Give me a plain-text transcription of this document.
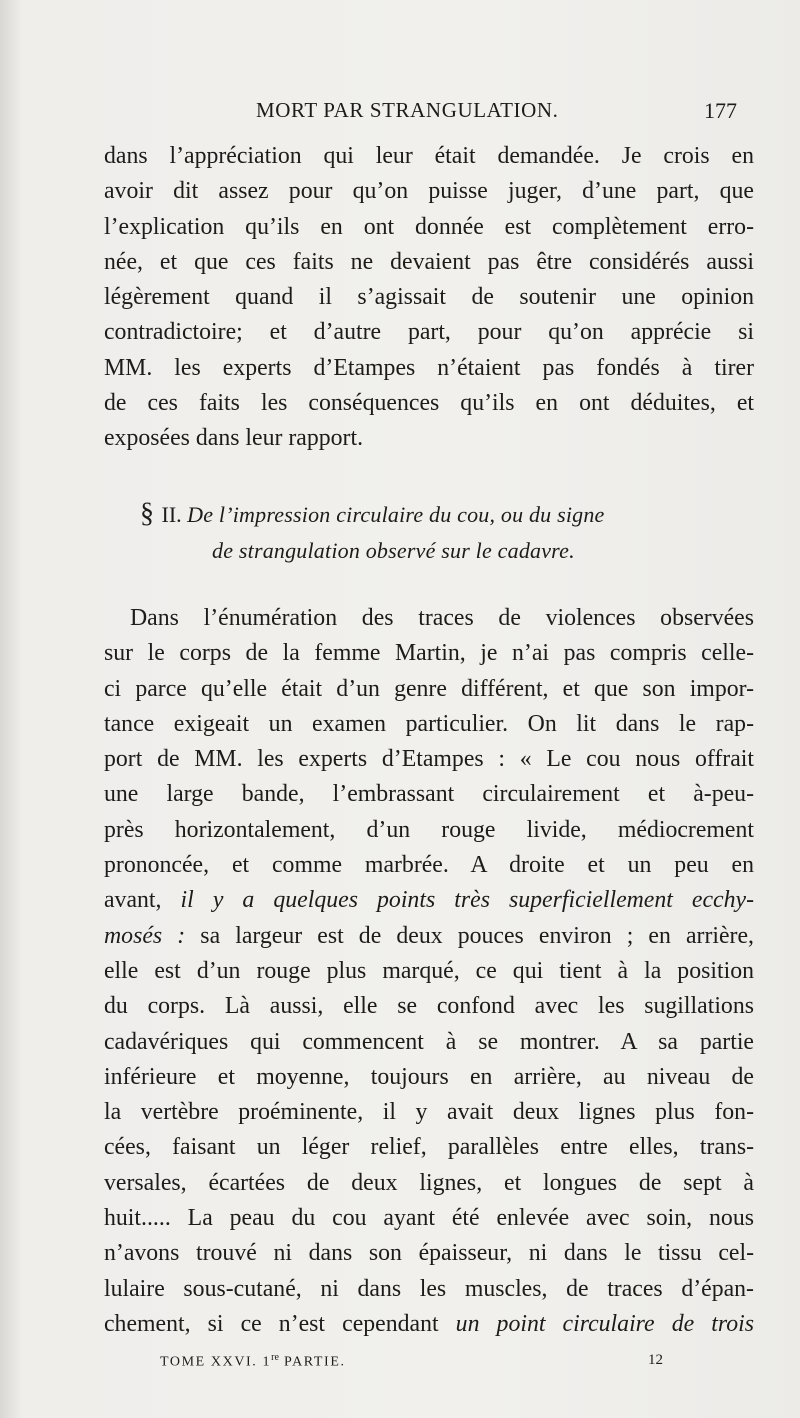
MORT PAR STRANGULATION.	177
dans l’appréciation qui leur était demandée. Je crois en
avoir dit assez pour qu’on puisse juger, d’une part, que
l’explication qu’ils en ont donnée est complètement erro-
née, et que ces faits ne devaient pas être considérés aussi
légèrement quand il s’agissait de soutenir une opinion
contradictoire; et d’autre part, pour qu’on apprécie si
MM. les experts d’Etampes n’étaient pas fondés à tirer
de ces faits les conséquences qu’ils en ont déduites, et
exposées dans leur rapport.
§ II. De l’impression circulaire du cou, ou du signe
de strangulation observé sur le cadavre.
Dans l’énumération des traces de violences observées
sur le corps de la femme Martin, je n’ai pas compris celle-
ci parce qu’elle était d’un genre différent, et que son impor-
tance exigeait un examen particulier. On lit dans le rap-
port de MM. les experts d’Etampes : « Le cou nous offrait
une large bande, l’embrassant circulairement et à-peu-
près horizontalement, d’un rouge livide, médiocrement
prononcée, et comme marbrée. A droite et un peu en
avant, il y a quelques points très superficiellement ecchy-
mosés : sa largeur est de deux pouces environ ; en arrière,
elle est d’un rouge plus marqué, ce qui tient à la position
du corps. Là aussi, elle se confond avec les sugillations
cadavériques qui commencent à se montrer. A sa partie
inférieure et moyenne, toujours en arrière, au niveau de
la vertèbre proéminente, il y avait deux lignes plus fon-
cées, faisant un léger relief, parallèles entre elles, trans-
versales, écartées de deux lignes, et longues de sept à
huit..... La peau du cou ayant été enlevée avec soin, nous
n’avons trouvé ni dans son épaisseur, ni dans le tissu cel-
lulaire sous-cutané, ni dans les muscles, de traces d’épan-
chement, si ce n’est cependant un point circulaire de trois
TOME XXVI. 1re PARTIE.	12
